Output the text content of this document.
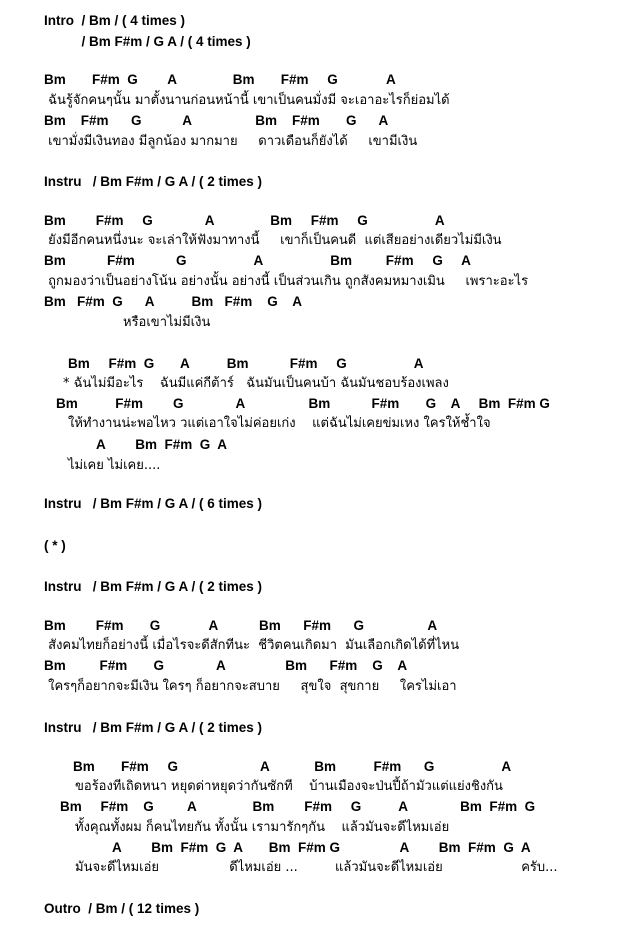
Intro  / Bm / ( 4 times )

/ Bm F#m / G A / ( 4 times )

Bm       F#m  G        A               Bm       F#m     G             A

ฉันรู้จักคนๆนั้น มาตั้งนานก่อนหน้านี้ เขาเป็นคนมั่งมี จะเอาอะไรก็ย่อมได้

Bm    F#m      G           A                 Bm    F#m       G      A

เขามั่งมีเงินทอง มีลูกน้อง มากมาย     ดาวเดือนก็ยังได้     เขามีเงิน

Instru   / Bm F#m / G A / ( 2 times )

Bm        F#m     G              A               Bm     F#m     G                  A

ยังมีอีกคนหนึ่งนะ จะเล่าให้ฟังมาทางนี้     เขาก็เป็นคนดี  แต่เสียอย่างเดียวไม่มีเงิน

Bm           F#m           G                  A                  Bm         F#m     G     A

ถูกมองว่าเป็นอย่างโน้น อย่างนั้น อย่างนี้ เป็นส่วนเกิน ถูกสังคมหมางเมิน     เพราะอะไร

Bm   F#m  G      A          Bm   F#m    G    A

หรือเขาไม่มีเงิน

Bm     F#m  G       A          Bm           F#m     G                  A

* ฉันไม่มีอะไร    ฉันมีแค่กีต้าร์   ฉันมันเป็นคนบ้า ฉันมันชอบร้องเพลง

Bm          F#m        G              A                 Bm           F#m       G    A     Bm  F#m G

ให้ทำงานน่ะพอไหว วแต่เอาใจไม่ค่อยเก่ง    แต่ฉันไม่เคยข่มเหง ใครให้ช้ำใจ

A        Bm  F#m  G  A

ไม่เคย ไม่เคย....

Instru   / Bm F#m / G A / ( 6 times )

( * )

Instru   / Bm F#m / G A / ( 2 times )

Bm        F#m       G             A           Bm      F#m      G                 A

สังคมไทยก็อย่างนี้ เมื่อไรจะดีสักทีนะ  ชีวิตคนเกิดมา  มันเลือกเกิดได้ที่ไหน

Bm         F#m       G              A                Bm      F#m    G    A

ใครๆก็อยากจะมีเงิน ใครๆ ก็อยากจะสบาย     สุขใจ  สุขกาย     ใครไม่เอา

Instru   / Bm F#m / G A / ( 2 times )

Bm       F#m     G                      A            Bm          F#m      G                  A

ขอร้องทีเถิดหนา หยุดด่าหยุดว่ากันซักที    บ้านเมืองจะป่นปี้ถ้ามัวแต่แย่งชิงกัน

Bm     F#m    G         A               Bm        F#m     G          A              Bm  F#m  G

ทั้งคุณทั้งผม ก็คนไทยกัน ทั้งนั้น เรามารักๆกัน    แล้วมันจะดีไหมเอ่ย

A        Bm  F#m  G  A       Bm  F#m G                A        Bm  F#m  G  A

มันจะดีไหมเอ่ย                 ดีไหมเอ่ย ...         แล้วมันจะดีไหมเอ่ย                   ครับ...

Outro  / Bm / ( 12 times )
